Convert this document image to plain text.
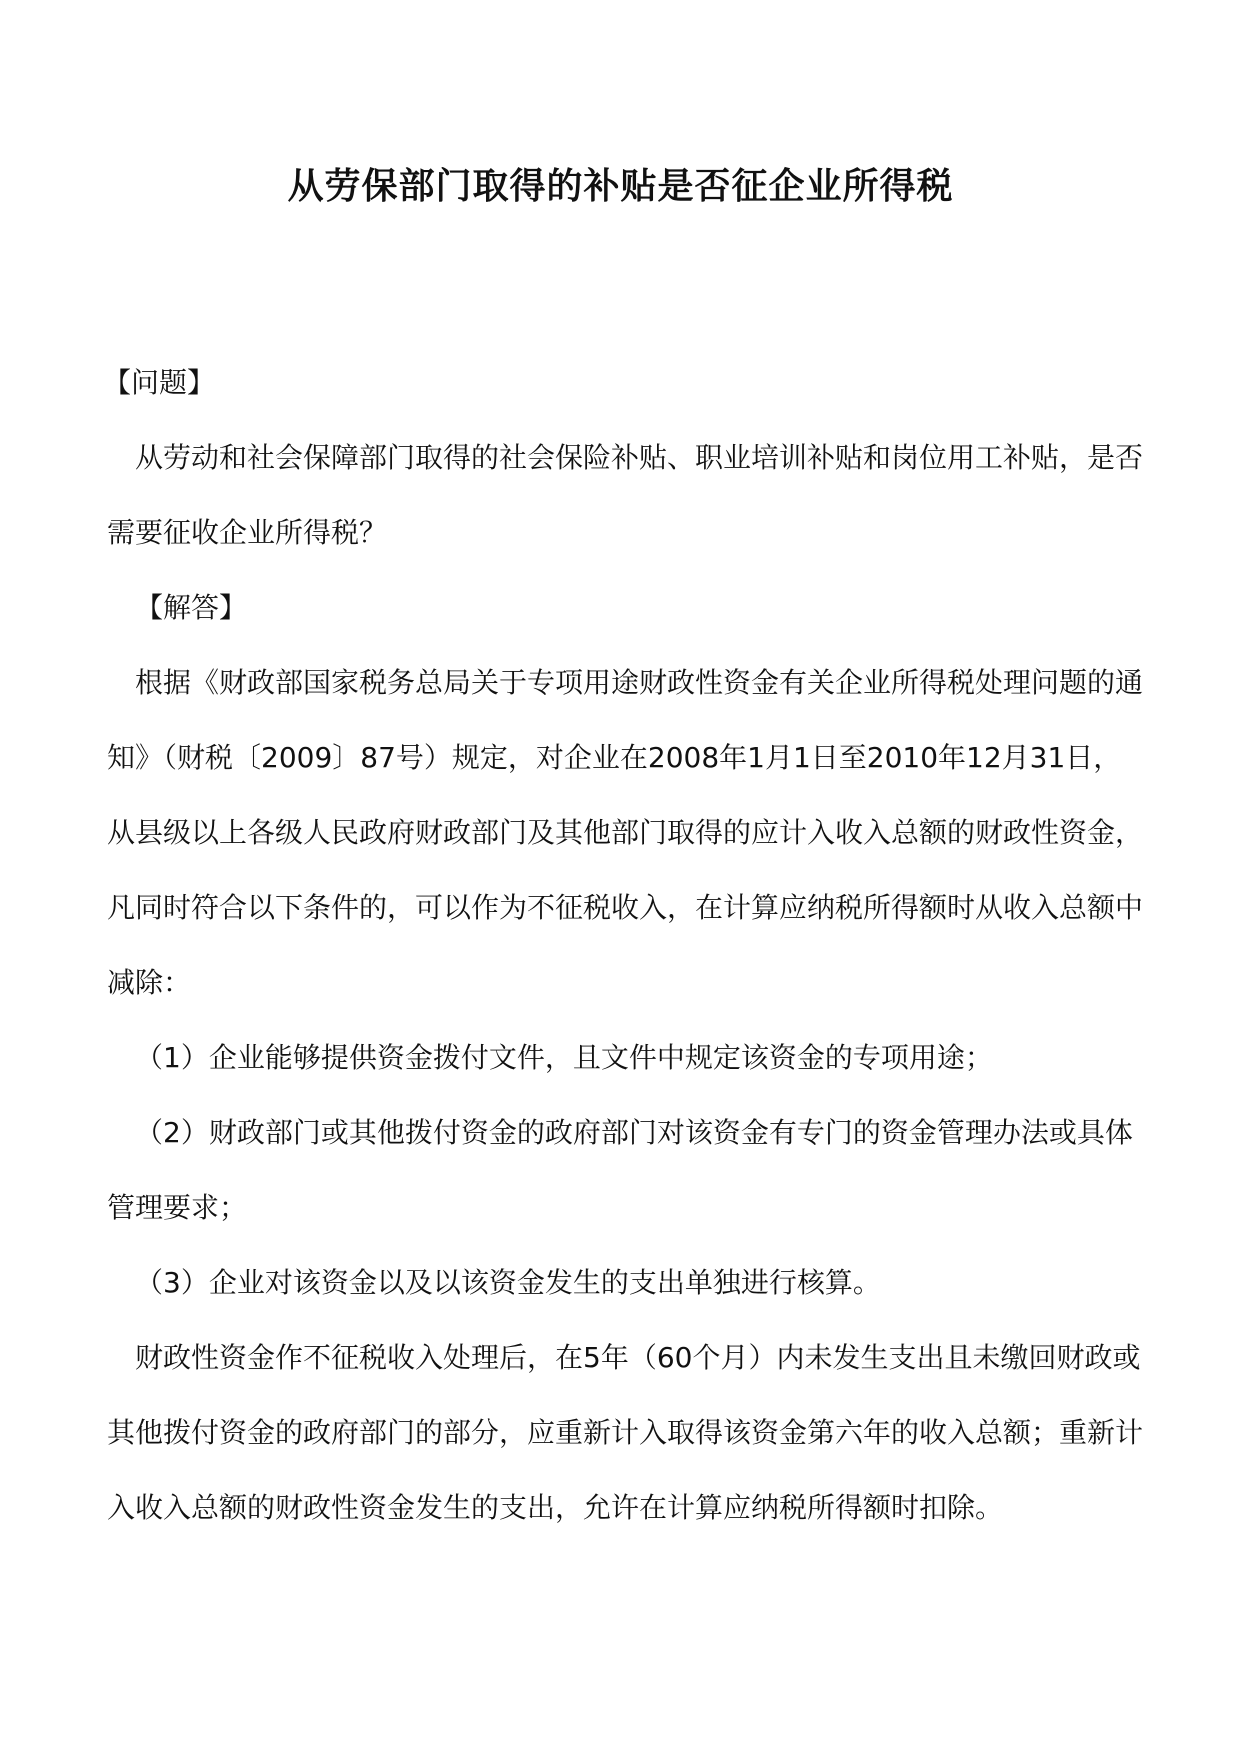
从劳保部门取得的补贴是否征企业所得税

【问题】

从劳动和社会保障部门取得的社会保险补贴、职业培训补贴和岗位用工补贴，是否需要征收企业所得税？

【解答】

根据《财政部国家税务总局关于专项用途财政性资金有关企业所得税处理问题的通知》（财税〔2009〕87号）规定，对企业在2008年1月1日至2010年12月31日，从县级以上各级人民政府财政部门及其他部门取得的应计入收入总额的财政性资金，凡同时符合以下条件的，可以作为不征税收入，在计算应纳税所得额时从收入总额中减除：

（1）企业能够提供资金拨付文件，且文件中规定该资金的专项用途；

（2）财政部门或其他拨付资金的政府部门对该资金有专门的资金管理办法或具体管理要求；

（3）企业对该资金以及以该资金发生的支出单独进行核算。

财政性资金作不征税收入处理后，在5年（60个月）内未发生支出且未缴回财政或其他拨付资金的政府部门的部分，应重新计入取得该资金第六年的收入总额；重新计入收入总额的财政性资金发生的支出，允许在计算应纳税所得额时扣除。
